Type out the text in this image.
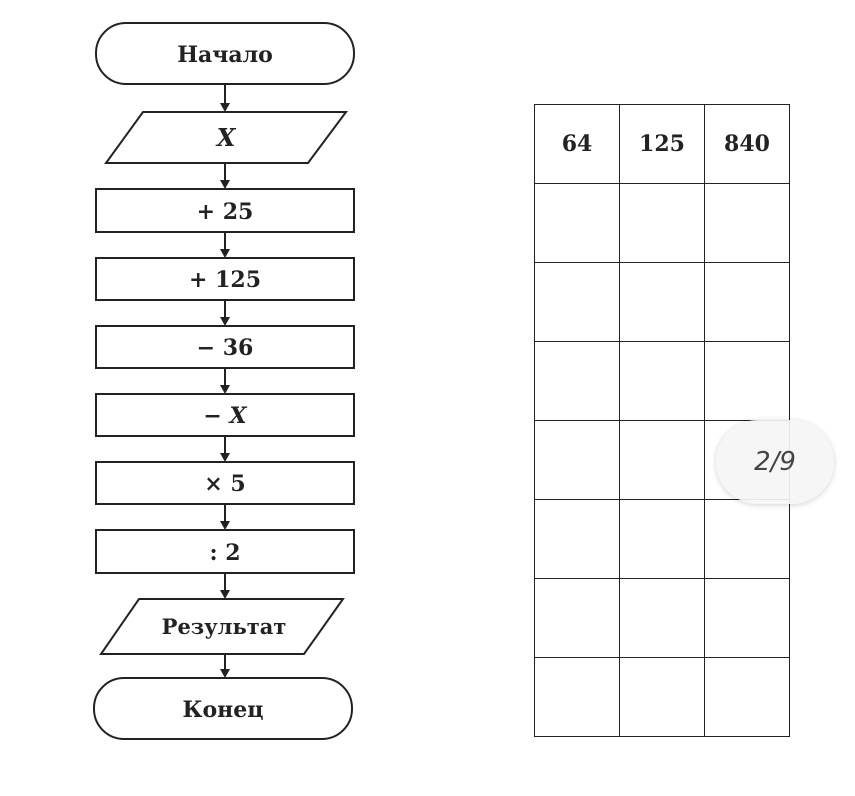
Начало
X
+ 25
+ 125
− 36
− X
× 5
: 2
Результат
Конец
64	125	840

2/9
